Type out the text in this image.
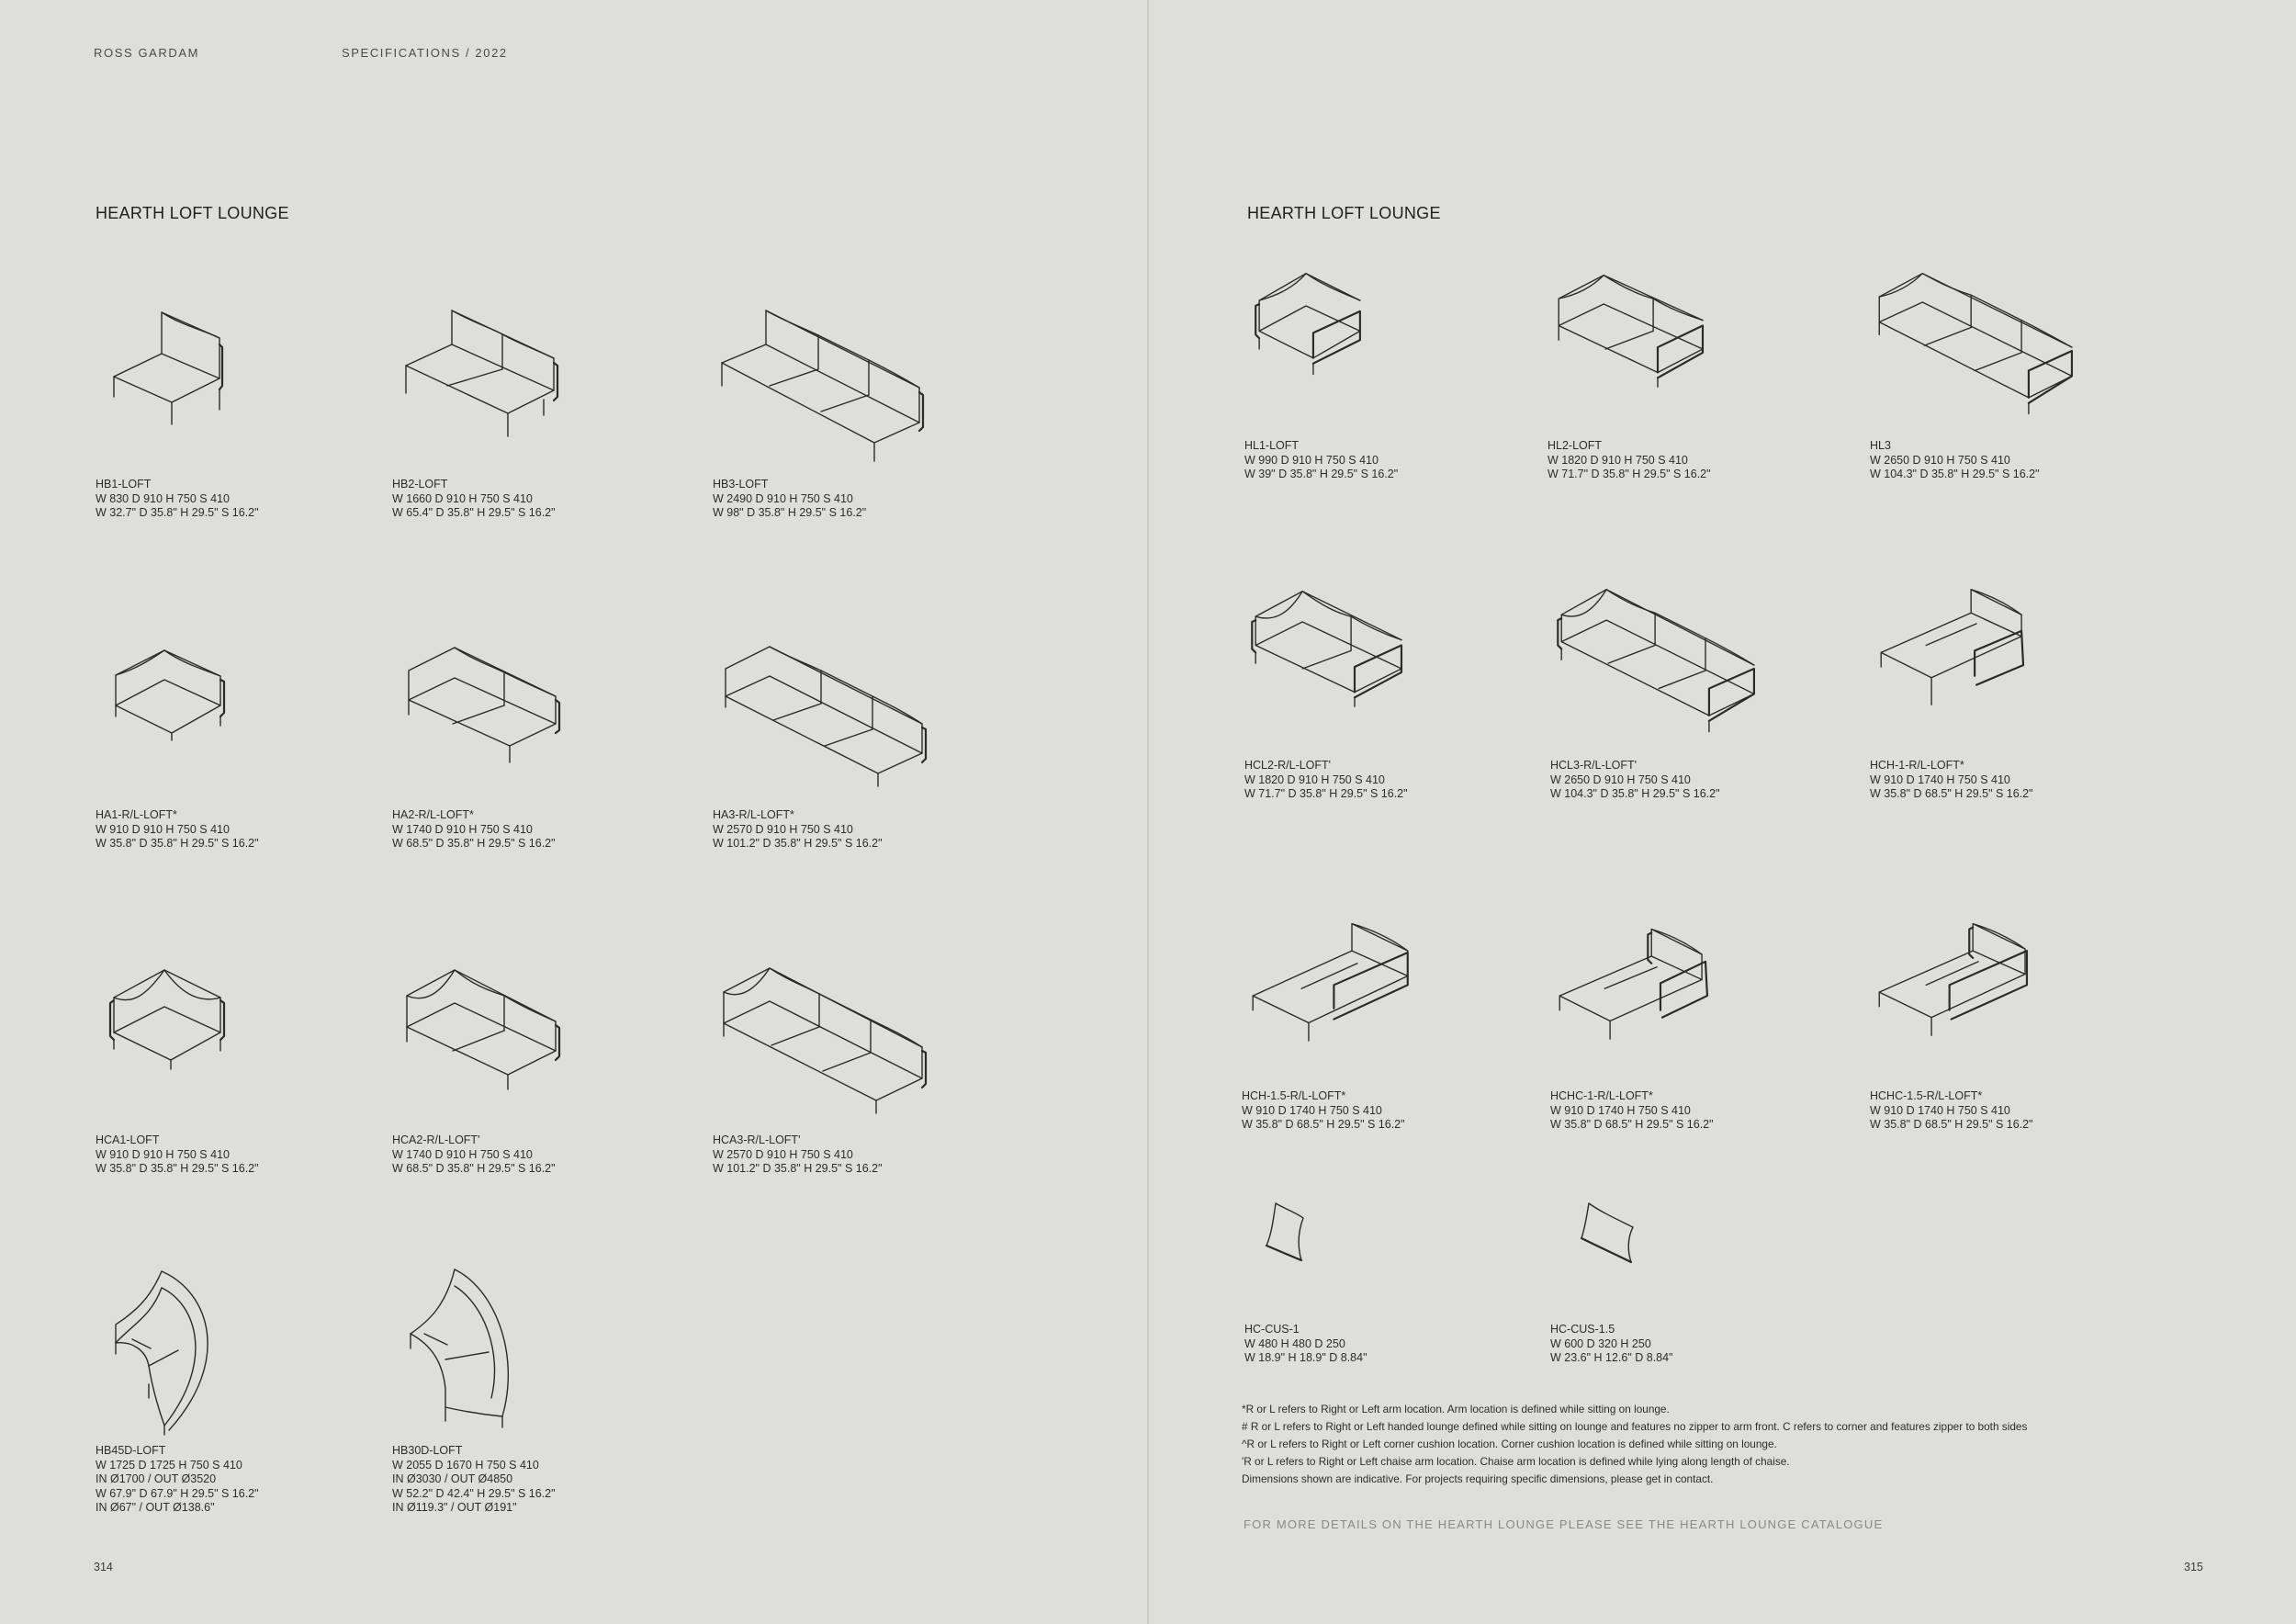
ROSS GARDAM	SPECIFICATIONS / 2022
HEARTH LOFT LOUNGE
HB1-LOFT
W 830 D 910 H 750 S 410
W 32.7" D 35.8" H 29.5" S 16.2"
HB2-LOFT
W 1660 D 910 H 750 S 410
W 65.4" D 35.8" H 29.5" S 16.2"
HB3-LOFT
W 2490 D 910 H 750 S 410
W 98" D 35.8" H 29.5" S 16.2"
HA1-R/L-LOFT*
W 910 D 910 H 750 S 410
W 35.8" D 35.8" H 29.5" S 16.2"
HA2-R/L-LOFT*
W 1740 D 910 H 750 S 410
W 68.5" D 35.8" H 29.5" S 16.2"
HA3-R/L-LOFT*
W 2570 D 910 H 750 S 410
W 101.2" D 35.8" H 29.5" S 16.2"
HCA1-LOFT
W 910 D 910 H 750 S 410
W 35.8" D 35.8" H 29.5" S 16.2"
HCA2-R/L-LOFT'
W 1740 D 910 H 750 S 410
W 68.5" D 35.8" H 29.5" S 16.2"
HCA3-R/L-LOFT'
W 2570 D 910 H 750 S 410
W 101.2" D 35.8" H 29.5" S 16.2"
HB45D-LOFT
W 1725 D 1725 H 750 S 410
IN Ø1700 / OUT Ø3520
W 67.9" D 67.9" H 29.5" S 16.2"
IN Ø67" / OUT Ø138.6"
HB30D-LOFT
W 2055 D 1670 H 750 S 410
IN Ø3030 / OUT Ø4850
W 52.2" D 42.4" H 29.5" S 16.2"
IN Ø119.3" / OUT Ø191"
314
HEARTH LOFT LOUNGE
HL1-LOFT
W 990 D 910 H 750 S 410
W 39" D 35.8" H 29.5" S 16.2"
HL2-LOFT
W 1820 D 910 H 750 S 410
W 71.7" D 35.8" H 29.5" S 16.2"
HL3
W 2650 D 910 H 750 S 410
W 104.3" D 35.8" H 29.5" S 16.2"
HCL2-R/L-LOFT'
W 1820 D 910 H 750 S 410
W 71.7" D 35.8" H 29.5" S 16.2"
HCL3-R/L-LOFT'
W 2650 D 910 H 750 S 410
W 104.3" D 35.8" H 29.5" S 16.2"
HCH-1-R/L-LOFT*
W 910 D 1740 H 750 S 410
W 35.8" D 68.5" H 29.5" S 16.2"
HCH-1.5-R/L-LOFT*
W 910 D 1740 H 750 S 410
W 35.8" D 68.5" H 29.5" S 16.2"
HCHC-1-R/L-LOFT*
W 910 D 1740 H 750 S 410
W 35.8" D 68.5" H 29.5" S 16.2"
HCHC-1.5-R/L-LOFT*
W 910 D 1740 H 750 S 410
W 35.8" D 68.5" H 29.5" S 16.2"
HC-CUS-1
W 480 H 480 D 250
W 18.9" H 18.9" D 8.84"
HC-CUS-1.5
W 600 D 320 H 250
W 23.6" H 12.6" D 8.84"
*R or L refers to Right or Left arm location. Arm location is defined while sitting on lounge.
# R or L refers to Right or Left handed lounge defined while sitting on lounge and features no zipper to arm front. C refers to corner and features zipper to both sides
^R or L refers to Right or Left corner cushion location. Corner cushion location is defined while sitting on lounge.
'R or L refers to Right or Left chaise arm location. Chaise arm location is defined while lying along length of chaise.
Dimensions shown are indicative. For projects requiring specific dimensions, please get in contact.
FOR MORE DETAILS ON THE HEARTH LOUNGE PLEASE SEE THE HEARTH LOUNGE CATALOGUE
315
